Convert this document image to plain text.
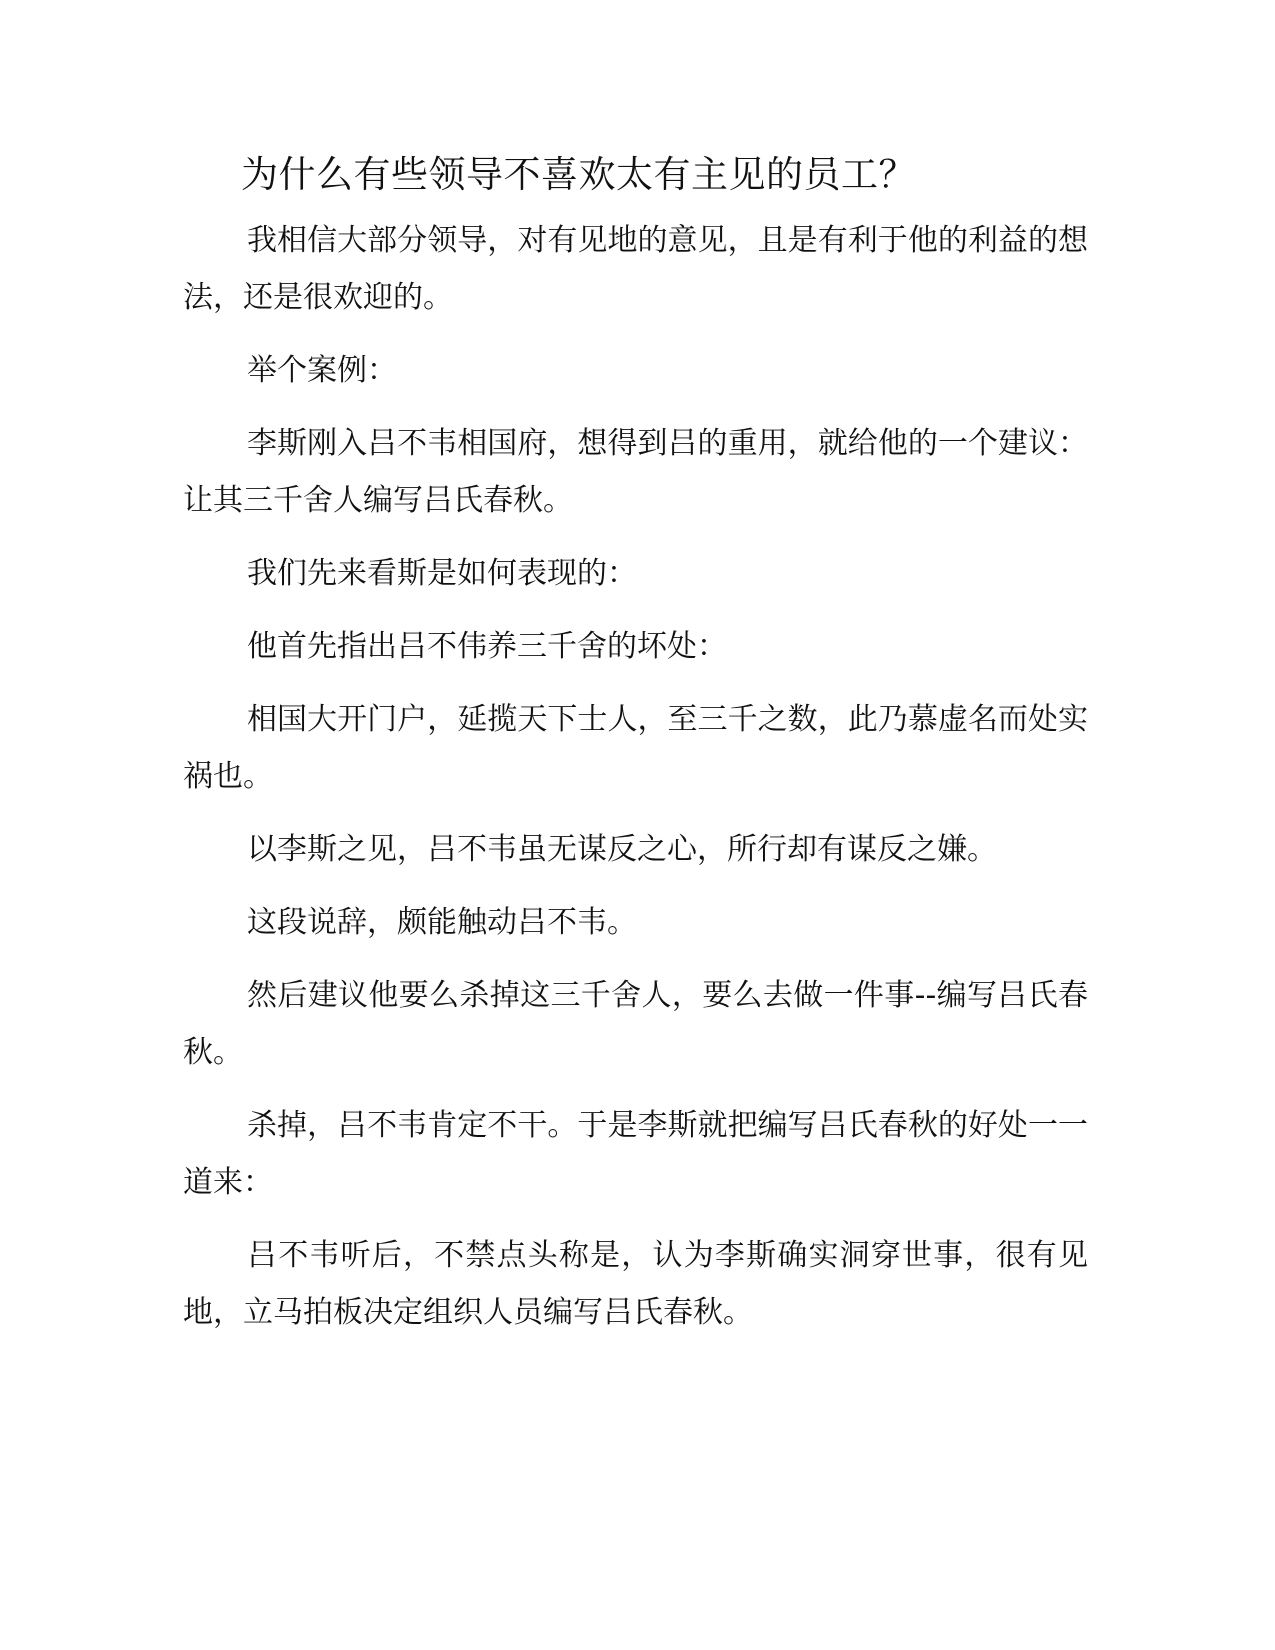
为什么有些领导不喜欢太有主见的员工？

我相信大部分领导，对有见地的意见，且是有利于他的利益的想法，还是很欢迎的。

举个案例：

李斯刚入吕不韦相国府，想得到吕的重用，就给他的一个建议：让其三千舍人编写吕氏春秋。

我们先来看斯是如何表现的：

他首先指出吕不伟养三千舍的坏处：

相国大开门户，延揽天下士人，至三千之数，此乃慕虚名而处实祸也。

以李斯之见，吕不韦虽无谋反之心，所行却有谋反之嫌。

这段说辞，颇能触动吕不韦。

然后建议他要么杀掉这三千舍人，要么去做一件事--编写吕氏春秋。

杀掉，吕不韦肯定不干。于是李斯就把编写吕氏春秋的好处一一道来：

吕不韦听后，不禁点头称是，认为李斯确实洞穿世事，很有见地，立马拍板决定组织人员编写吕氏春秋。
